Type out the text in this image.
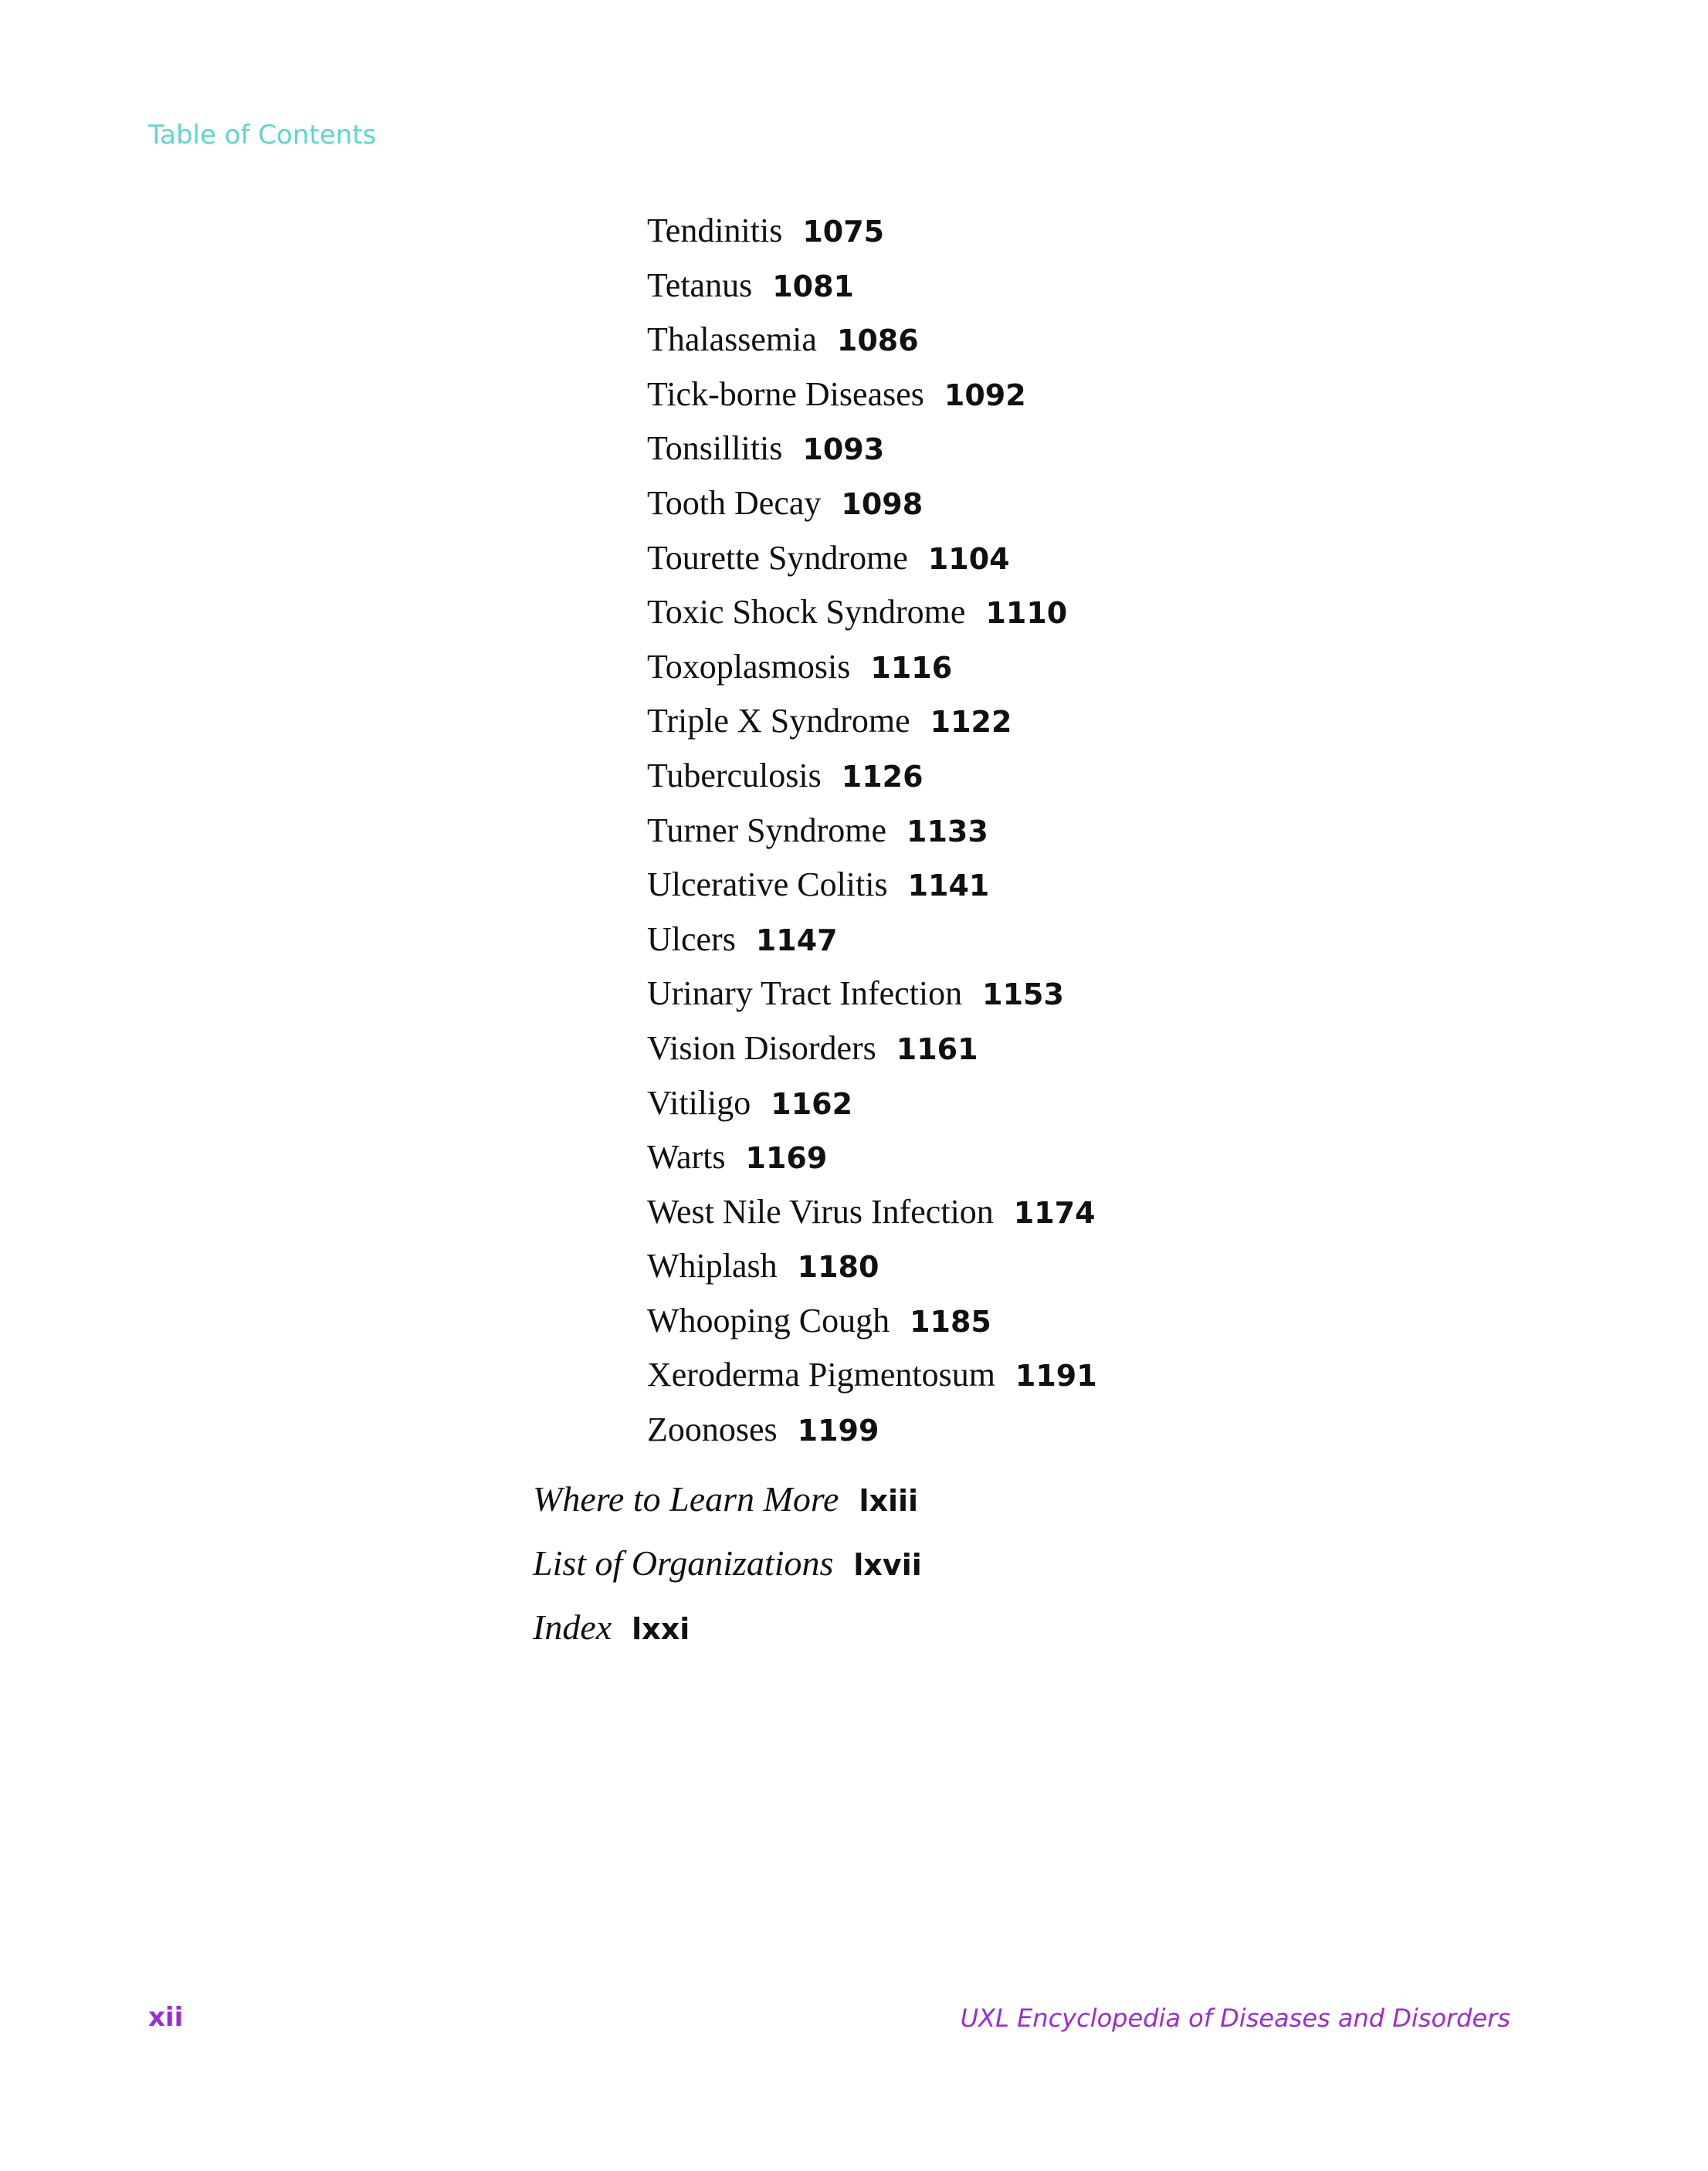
Table of Contents
Tendinitis 1075
Tetanus 1081
Thalassemia 1086
Tick-borne Diseases 1092
Tonsillitis 1093
Tooth Decay 1098
Tourette Syndrome 1104
Toxic Shock Syndrome 1110
Toxoplasmosis 1116
Triple X Syndrome 1122
Tuberculosis 1126
Turner Syndrome 1133
Ulcerative Colitis 1141
Ulcers 1147
Urinary Tract Infection 1153
Vision Disorders 1161
Vitiligo 1162
Warts 1169
West Nile Virus Infection 1174
Whiplash 1180
Whooping Cough 1185
Xeroderma Pigmentosum 1191
Zoonoses 1199
Where to Learn More lxiii
List of Organizations lxvii
Index lxxi
xii	UXL Encyclopedia of Diseases and Disorders
